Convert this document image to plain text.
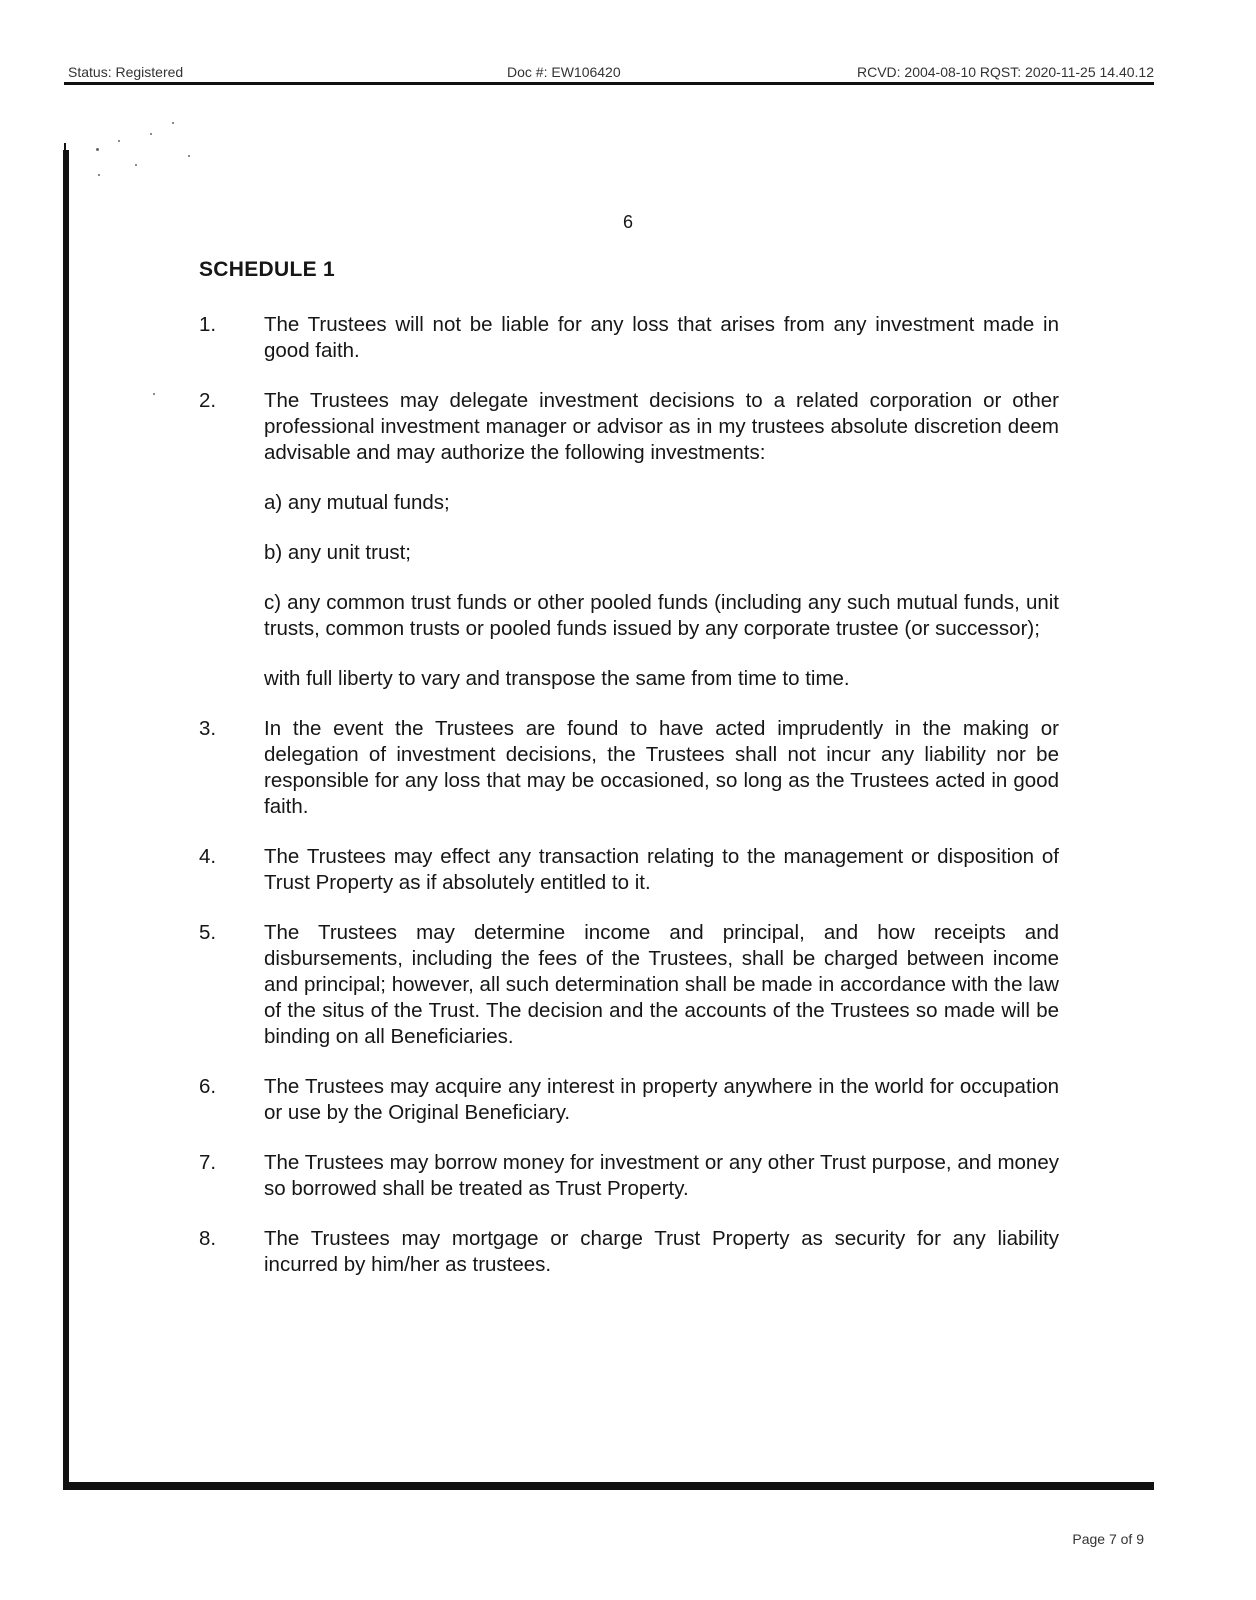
Status: Registered	Doc #: EW106420	RCVD: 2004-08-10 RQST: 2020-11-25 14.40.12
6
SCHEDULE 1
1.	The Trustees will not be liable for any loss that arises from any investment made in good faith.
2.	The Trustees may delegate investment decisions to a related corporation or other professional investment manager or advisor as in my trustees absolute discretion deem advisable and may authorize the following investments:
a) any mutual funds;
b) any unit trust;
c) any common trust funds or other pooled funds (including any such mutual funds, unit trusts, common trusts or pooled funds issued by any corporate trustee (or successor);
with full liberty to vary and transpose the same from time to time.
3.	In the event the Trustees are found to have acted imprudently in the making or delegation of investment decisions, the Trustees shall not incur any liability nor be responsible for any loss that may be occasioned, so long as the Trustees acted in good faith.
4.	The Trustees may effect any transaction relating to the management or disposition of Trust Property as if absolutely entitled to it.
5.	The Trustees may determine income and principal, and how receipts and disbursements, including the fees of the Trustees, shall be charged between income and principal; however, all such determination shall be made in accordance with the law of the situs of the Trust. The decision and the accounts of the Trustees so made will be binding on all Beneficiaries.
6.	The Trustees may acquire any interest in property anywhere in the world for occupation or use by the Original Beneficiary.
7.	The Trustees may borrow money for investment or any other Trust purpose, and money so borrowed shall be treated as Trust Property.
8.	The Trustees may mortgage or charge Trust Property as security for any liability incurred by him/her as trustees.
Page 7 of 9
